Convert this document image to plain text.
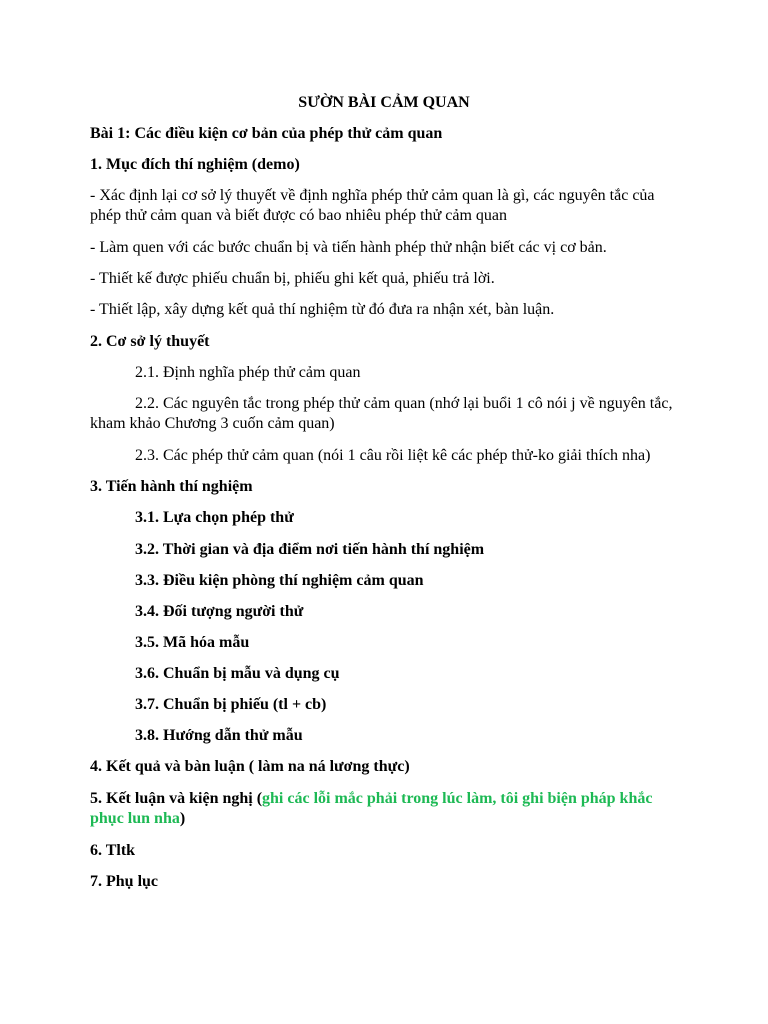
SƯỜN BÀI CẢM QUAN

Bài 1: Các điều kiện cơ bản của phép thử cảm quan

1. Mục đích thí nghiệm (demo)

- Xác định lại cơ sở lý thuyết về định nghĩa phép thử cảm quan là gì, các nguyên tắc của phép thử cảm quan và biết được có bao nhiêu phép thử cảm quan

- Làm quen với các bước chuẩn bị và tiến hành phép thử nhận biết các vị cơ bản.

- Thiết kế được phiếu chuẩn bị, phiếu ghi kết quả, phiếu trả lời.

- Thiết lập, xây dựng kết quả thí nghiệm từ đó đưa ra nhận xét, bàn luận.

2. Cơ sở lý thuyết

2.1. Định nghĩa phép thử cảm quan

2.2. Các nguyên tắc trong phép thử cảm quan (nhớ lại buổi 1 cô nói j về nguyên tắc, kham khảo Chương 3 cuốn cảm quan)

2.3. Các phép thử cảm quan (nói 1 câu rồi liệt kê các phép thử-ko giải thích nha)

3. Tiến hành thí nghiệm

3.1. Lựa chọn phép thử

3.2. Thời gian và địa điểm nơi tiến hành thí nghiệm

3.3. Điều kiện phòng thí nghiệm cảm quan

3.4. Đối tượng người thử

3.5. Mã hóa mẫu

3.6. Chuẩn bị mẫu và dụng cụ

3.7. Chuẩn bị phiếu (tl + cb)

3.8. Hướng dẫn thử mẫu

4. Kết quả và bàn luận ( làm na ná lương thực)

5. Kết luận và kiện nghị (ghi các lỗi mắc phải trong lúc làm, tôi ghi biện pháp khắc phục lun nha)

6. Tltk

7. Phụ lục
